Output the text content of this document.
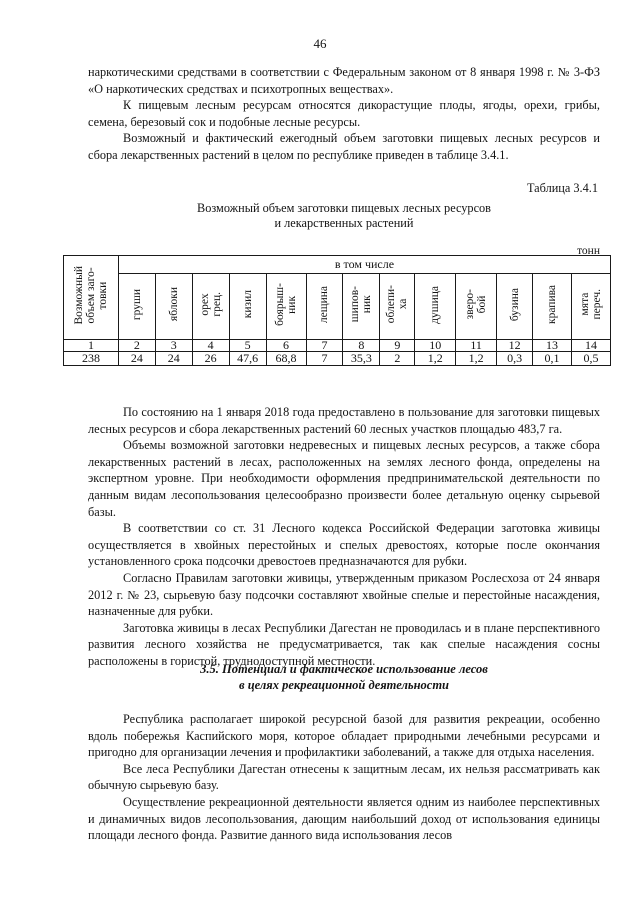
46

наркотическими средствами в соответствии с Федеральным законом от 8 января 1998 г. № 3-ФЗ «О наркотических средствах и психотропных веществах».

К пищевым лесным ресурсам относятся дикорастущие плоды, ягоды, орехи, грибы, семена, березовый сок и подобные лесные ресурсы.

Возможный и фактический ежегодный объем заготовки пищевых лесных ресурсов и сбора лекарственных растений в целом по республике приведен в таблице 3.4.1.

Таблица 3.4.1
Возможный объем заготовки пищевых лесных ресурсов
и лекарственных растений
тонн
Возможный объем заго- товки	в том числе												

	груши	яблоки	орех грец.	кизил	боярыш- ник	лещина	шипов- ник	облепи- ха	душица	зверо- бой	бузина	крапива	мята переч.

1	2	3	4	5	6	7	8	9	10	11	12	13	14
238	24	24	26	47,6	68,8	7	35,3	2	1,2	1,2	0,3	0,1	0,5

По состоянию на 1 января 2018 года предоставлено в пользование для заготовки пищевых лесных ресурсов и сбора лекарственных растений 60 лесных участков площадью 483,7 га.

Объемы возможной заготовки недревесных и пищевых лесных ресурсов, а также сбора лекарственных растений в лесах, расположенных на землях лесного фонда, определены на экспертном уровне. При необходимости оформления предпринимательской деятельности по данным видам лесопользования целесообразно произвести более детальную оценку сырьевой базы.

В соответствии со ст. 31 Лесного кодекса Российской Федерации заготовка живицы осуществляется в хвойных перестойных и спелых древостоях, которые после окончания установленного срока подсочки древостоев предназначаются для рубки.

Согласно Правилам заготовки живицы, утвержденным приказом Рослесхоза от 24 января 2012 г. № 23, сырьевую базу подсочки составляют хвойные спелые и перестойные насаждения, назначенные для рубки.

Заготовка живицы в лесах Республики Дагестан не проводилась и в плане перспективного развития лесного хозяйства не предусматривается, так как спелые насаждения сосны расположены в гористой, труднодоступной местности.

3.5. Потенциал и фактическое использование лесов
в целях рекреационной деятельности

Республика располагает широкой ресурсной базой для развития рекреации, особенно вдоль побережья Каспийского моря, которое обладает природными лечебными ресурсами и пригодно для организации лечения и профилактики заболеваний, а также для отдыха населения.

Все леса Республики Дагестан отнесены к защитным лесам, их нельзя рассматривать как обычную сырьевую базу.

Осуществление рекреационной деятельности является одним из наиболее перспективных и динамичных видов лесопользования, дающим наибольший доход от использования единицы площади лесного фонда. Развитие данного вида использования лесов
